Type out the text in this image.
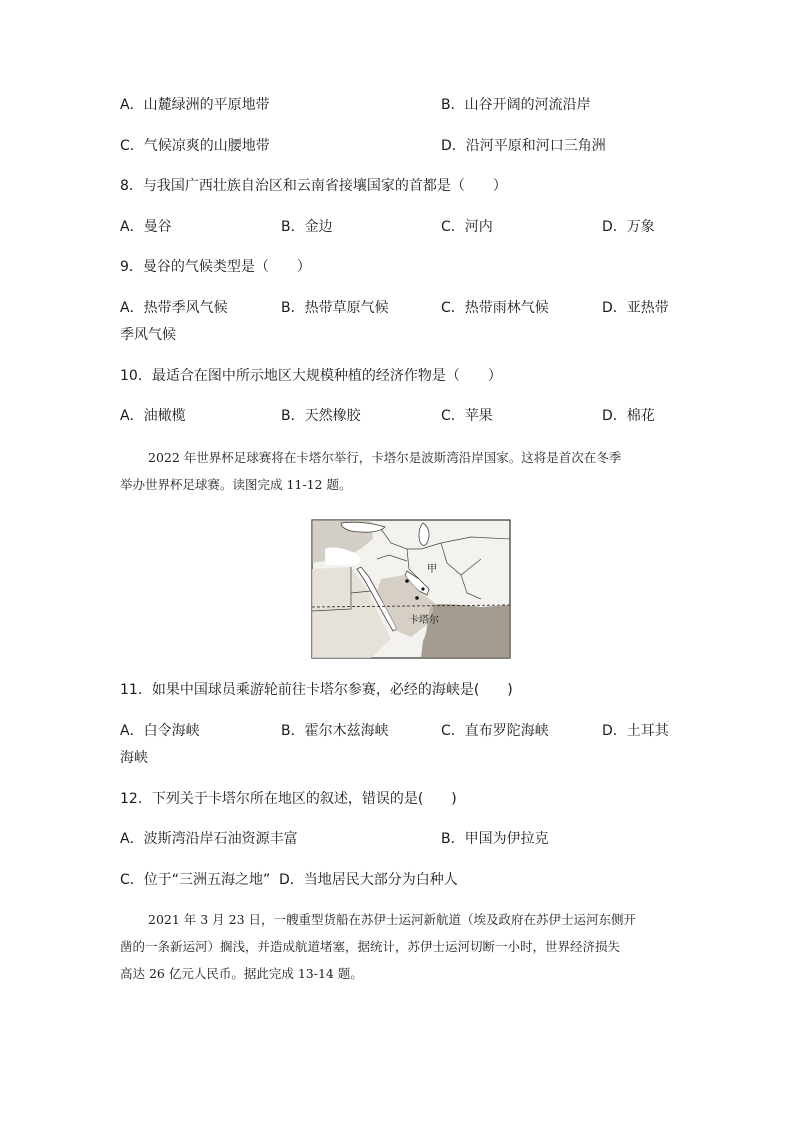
A．山麓绿洲的平原地带	B．山谷开阔的河流沿岸
C．气候凉爽的山腰地带	D．沿河平原和河口三角洲
8．与我国广西壮族自治区和云南省接壤国家的首都是（　　）
A．曼谷	B．金边	C．河内	D．万象
9．曼谷的气候类型是（　　）
A．热带季风气候	B．热带草原气候	C．热带雨林气候	D．亚热带
季风气候
10．最适合在图中所示地区大规模种植的经济作物是（　　）
A．油橄榄	B．天然橡胶	C．苹果	D．棉花
2022 年世界杯足球赛将在卡塔尔举行，卡塔尔是波斯湾沿岸国家。这将是首次在冬季
举办世界杯足球赛。读图完成 11-12 题。
甲
卡塔尔
11．如果中国球员乘游轮前往卡塔尔参赛，必经的海峡是(　　)
A．白令海峡	B．霍尔木兹海峡	C．直布罗陀海峡	D．土耳其
海峡
12．下列关于卡塔尔所在地区的叙述，错误的是(　　)
A．波斯湾沿岸石油资源丰富	B．甲国为伊拉克
C．位于“三洲五海之地” D．当地居民大部分为白种人
2021 年 3 月 23 日，一艘重型货船在苏伊士运河新航道（埃及政府在苏伊士运河东侧开
凿的一条新运河）搁浅，并造成航道堵塞，据统计，苏伊士运河切断一小时，世界经济损失
高达 26 亿元人民币。据此完成 13-14 题。
